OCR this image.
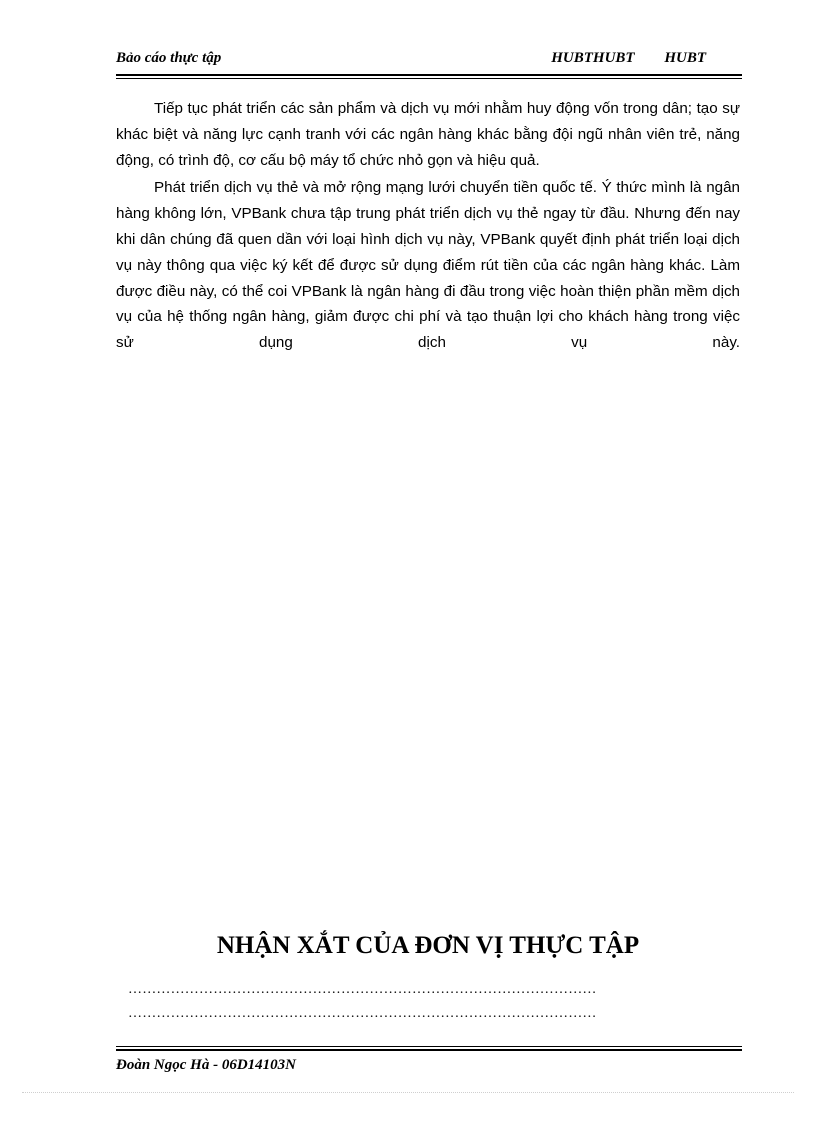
Bảo cáo thực tập	HUBTHUBT HUBT

Tiếp tục phát triển các sản phẩm và dịch vụ mới nhằm huy động vốn trong dân; tạo sự khác biệt và năng lực cạnh tranh với các ngân hàng khác bằng đội ngũ nhân viên trẻ, năng động, có trình độ, cơ cấu bộ máy tổ chức nhỏ gọn và hiệu quả.

Phát triển dịch vụ thẻ và mở rộng mạng lưới chuyển tiền quốc tế. Ý thức mình là ngân hàng không lớn, VPBank chưa tập trung phát triển dịch vụ thẻ ngay từ đầu. Nhưng đến nay khi dân chúng đã quen dần với loại hình dịch vụ này, VPBank quyết định phát triển loại dịch vụ này thông qua việc ký kết để được sử dụng điểm rút tiền của các ngân hàng khác. Làm được điều này, có thể coi VPBank là ngân hàng đi đầu trong việc hoàn thiện phần mềm dịch vụ của hệ thống ngân hàng, giảm được chi phí và tạo thuận lợi cho khách hàng trong việc sử dụng dịch vụ này.

NHẬN XẮT CỦA ĐƠN VỊ THỰC TẬP
………………………………………………………………………………………
………………………………………………………………………………………
Đoàn Ngọc Hà - 06D14103N
